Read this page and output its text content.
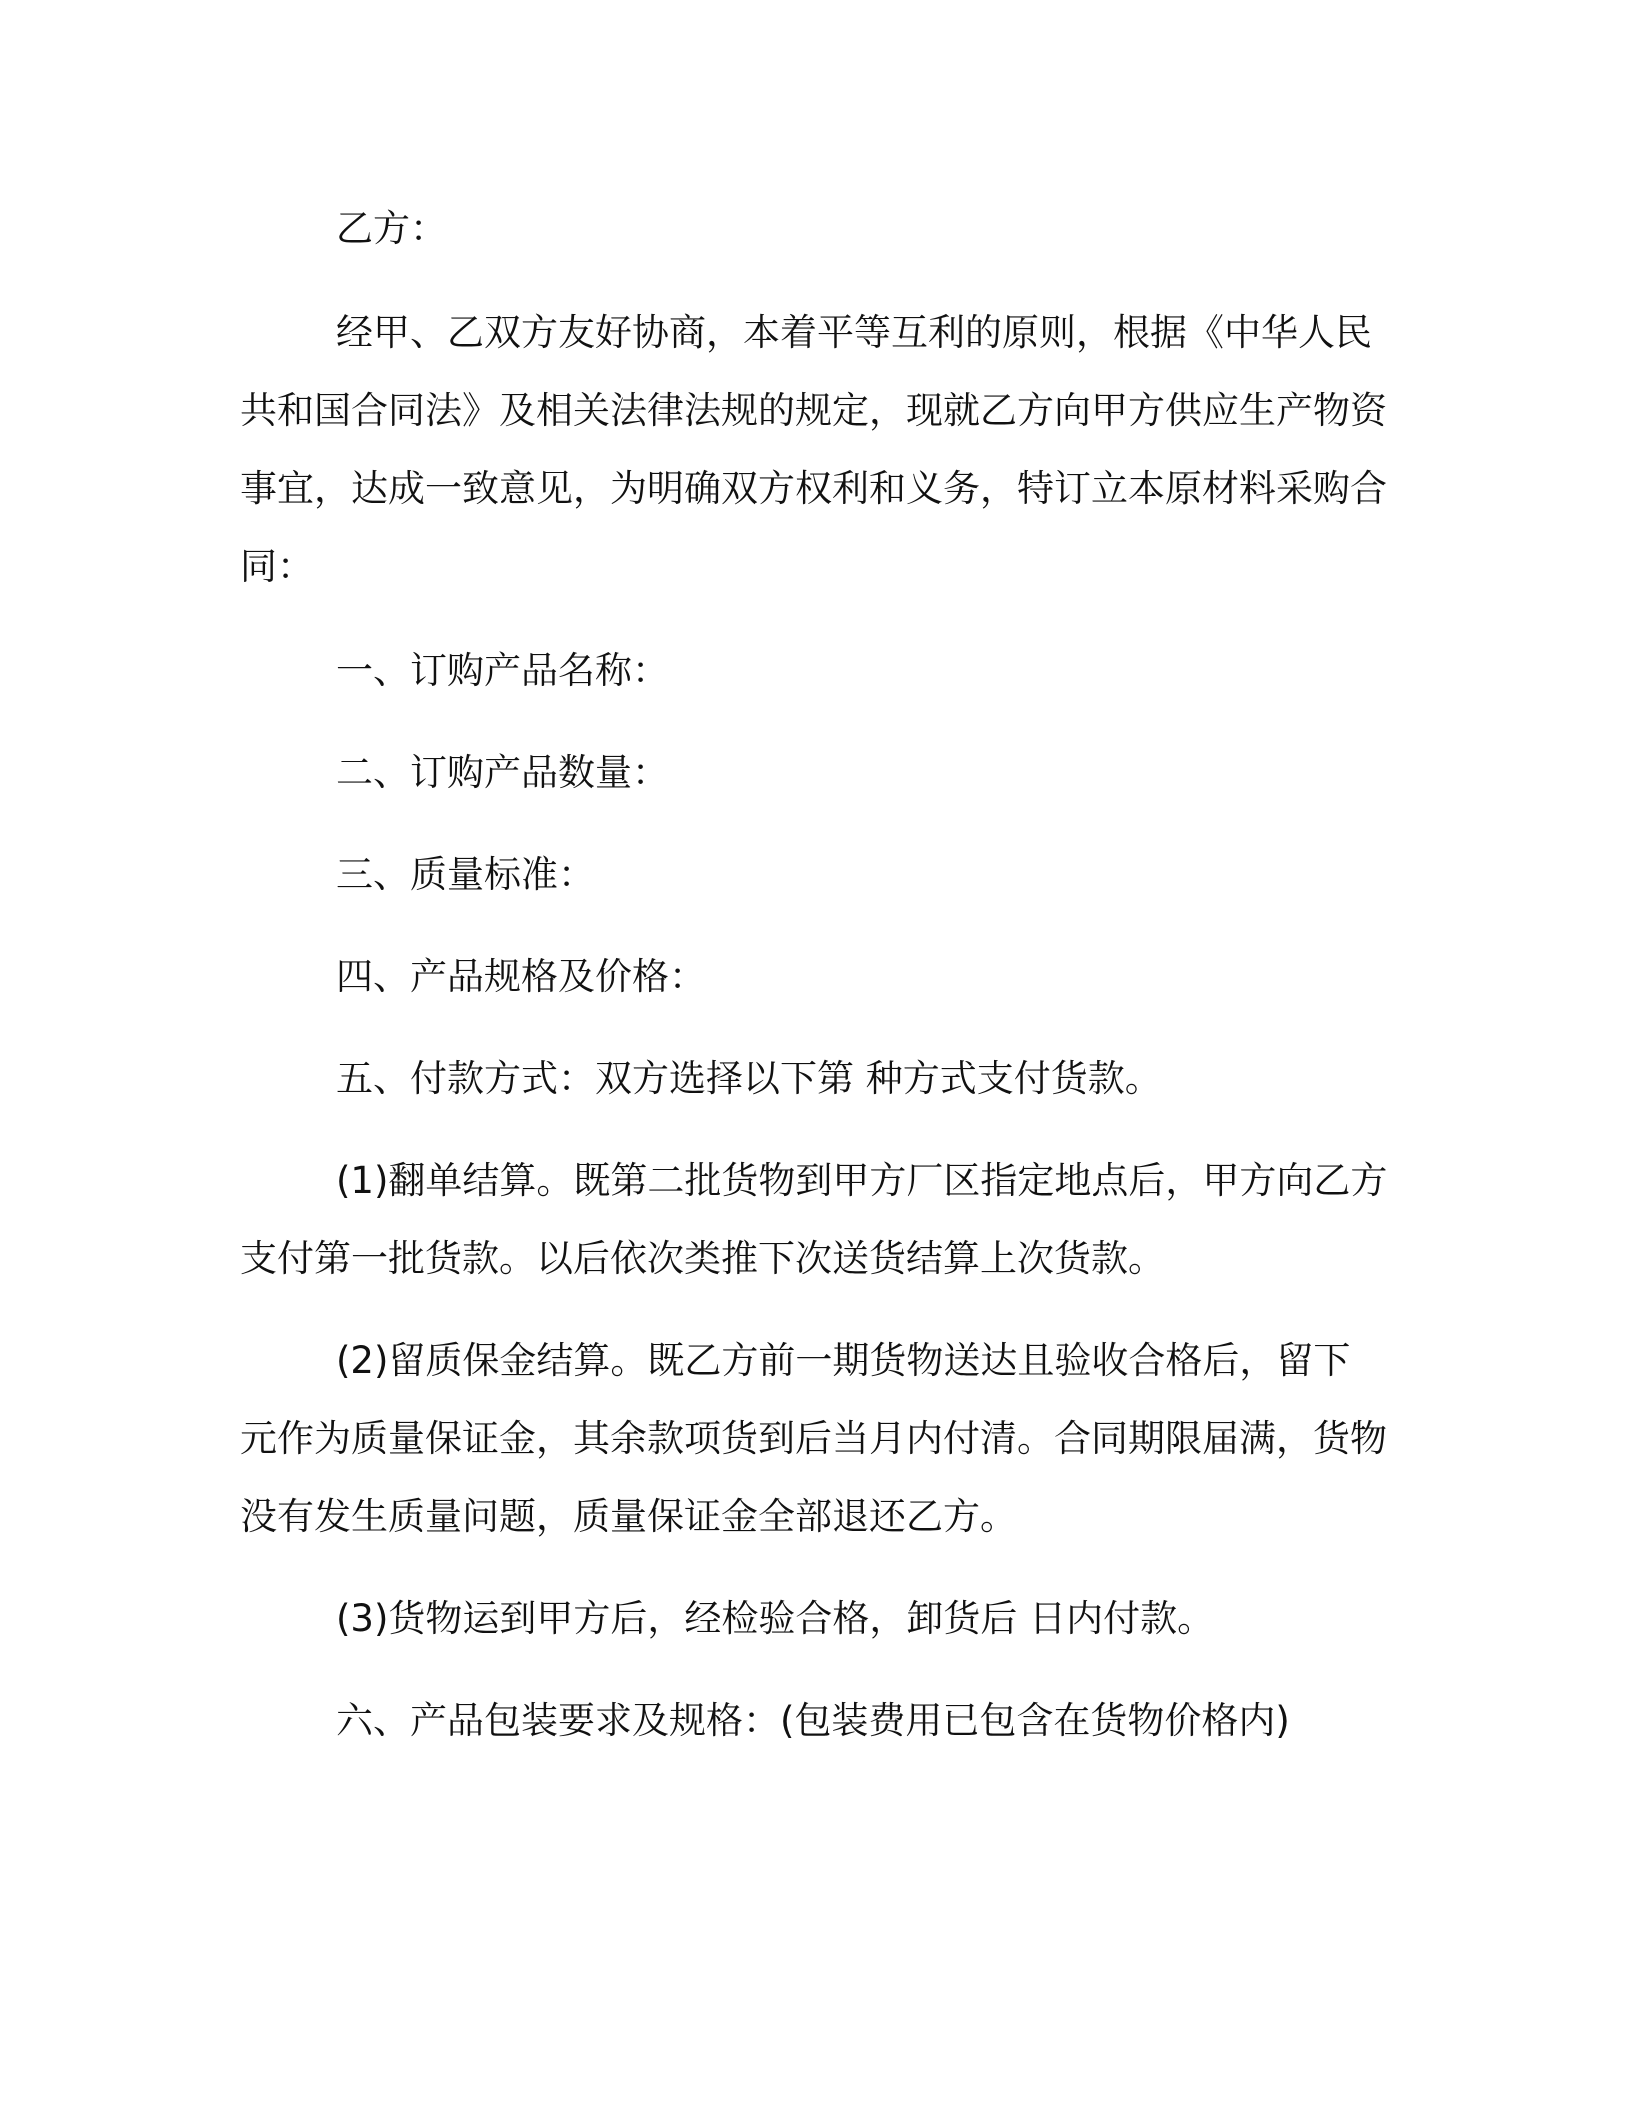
乙方：

经甲、乙双方友好协商，本着平等互利的原则，根据《中华人民共和国合同法》及相关法律法规的规定，现就乙方向甲方供应生产物资事宜，达成一致意见，为明确双方权利和义务，特订立本原材料采购合同：

一、订购产品名称：

二、订购产品数量：

三、质量标准：

四、产品规格及价格：

五、付款方式：双方选择以下第 种方式支付货款。

(1)翻单结算。既第二批货物到甲方厂区指定地点后，甲方向乙方支付第一批货款。以后依次类推下次送货结算上次货款。

(2)留质保金结算。既乙方前一期货物送达且验收合格后，留下 元作为质量保证金，其余款项货到后当月内付清。合同期限届满，货物没有发生质量问题，质量保证金全部退还乙方。

(3)货物运到甲方后，经检验合格，卸货后 日内付款。

六、产品包装要求及规格：(包装费用已包含在货物价格内)
